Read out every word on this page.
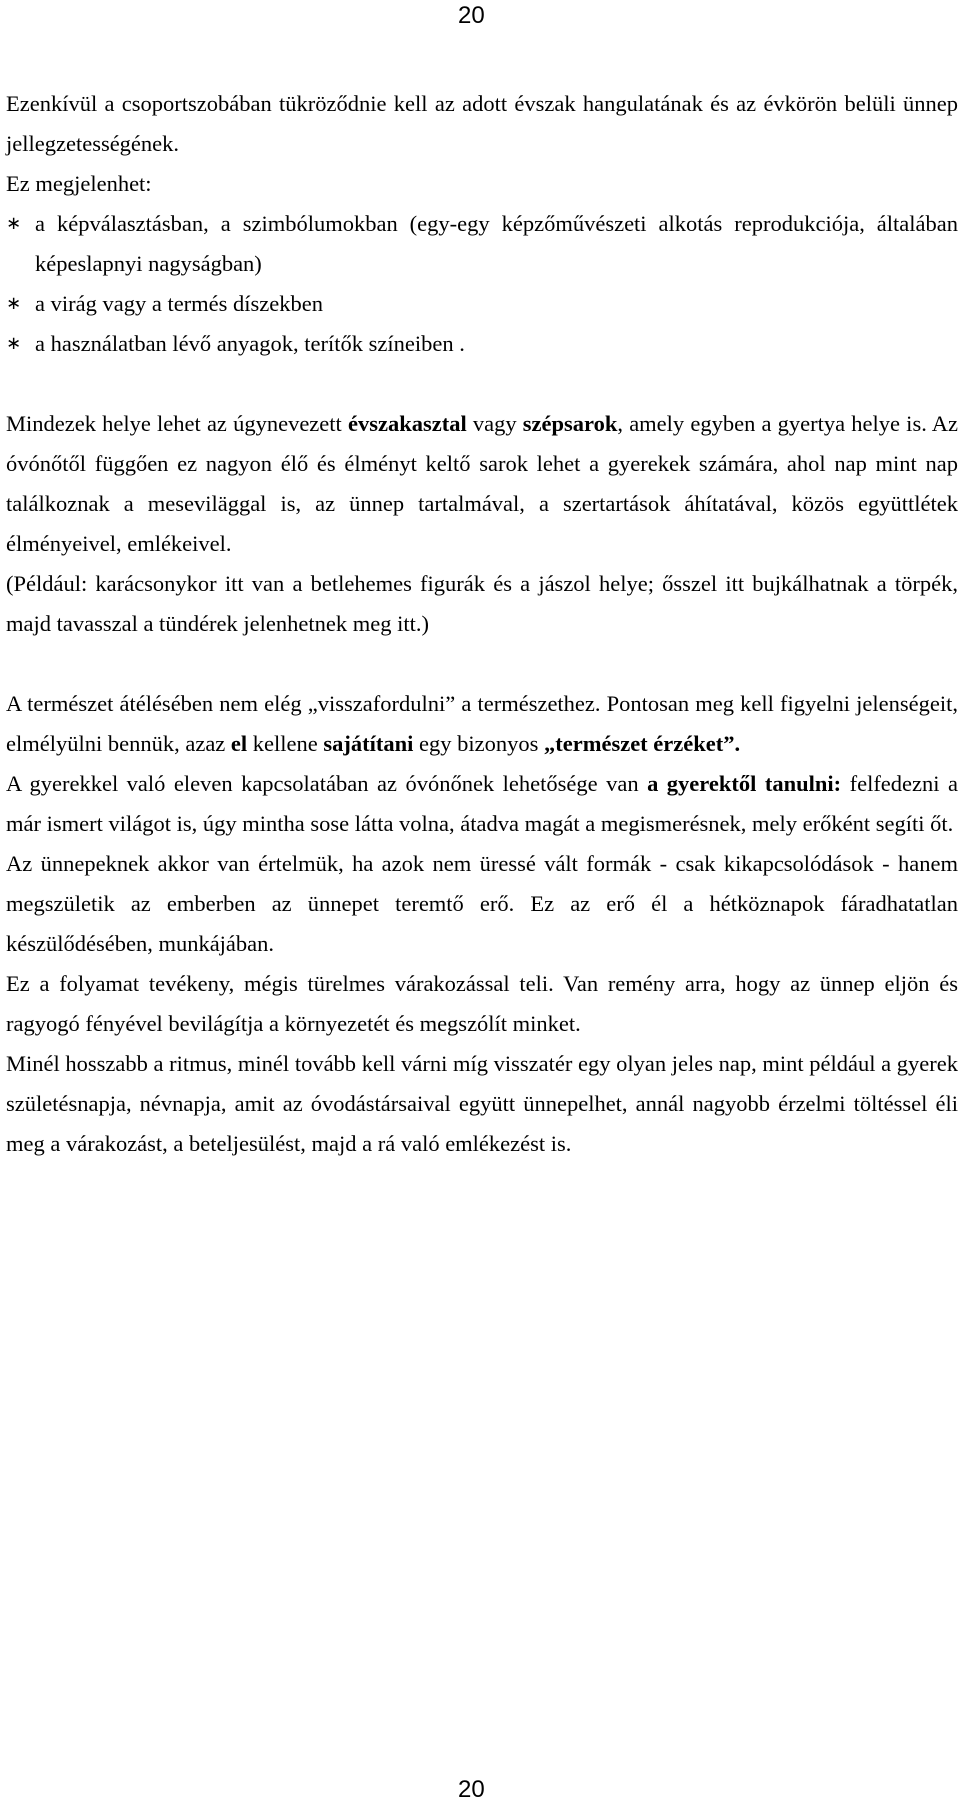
20

Ezenkívül a csoportszobában tükröződnie kell az adott évszak hangulatának és az évkörön belüli ünnep jellegzetességének.

Ez megjelenhet:

∗ a képválasztásban, a szimbólumokban (egy-egy képzőművészeti alkotás reprodukciója, általában képeslapnyi nagyságban)
∗ a virág vagy a termés díszekben
∗ a használatban lévő anyagok, terítők színeiben .

Mindezek helye lehet az úgynevezett évszakasztal vagy szépsarok, amely egyben a gyertya helye is. Az óvónőtől függően ez nagyon élő és élményt keltő sarok lehet a gyerekek számára, ahol nap mint nap találkoznak a meseviläggal is, az ünnep tartalmával, a szertartások áhítatával, közös együttlétek élményeivel, emlékeivel.

(Például: karácsonykor itt van a betlehemes figurák és a jászol helye; ősszel itt bujkálhatnak a törpék, majd tavasszal a tündérek jelenhetnek meg itt.)

A természet átélésében nem elég „visszafordulni” a természethez. Pontosan meg kell figyelni jelenségeit, elmélyülni bennük, azaz el kellene sajátítani egy bizonyos „természet érzéket”.

A gyerekkel való eleven kapcsolatában az óvónőnek lehetősége van a gyerektől tanulni: felfedezni a már ismert világot is, úgy mintha sose látta volna, átadva magát a megismerésnek, mely erőként segíti őt.

Az ünnepeknek akkor van értelmük, ha azok nem üressé vált formák - csak kikapcsolódások - hanem megszületik az emberben az ünnepet teremtő erő. Ez az erő él a hétköznapok fáradhatatlan készülődésében, munkájában.

Ez a folyamat tevékeny, mégis türelmes várakozással teli. Van remény arra, hogy az ünnep eljön és ragyogó fényével bevilágítja a környezetét és megszólít minket.

Minél hosszabb a ritmus, minél tovább kell várni míg visszatér egy olyan jeles nap, mint például a gyerek születésnapja, névnapja, amit az óvodástársaival együtt ünnepelhet, annál nagyobb érzelmi töltéssel éli meg a várakozást, a beteljesülést, majd a rá való emlékezést is.

20
